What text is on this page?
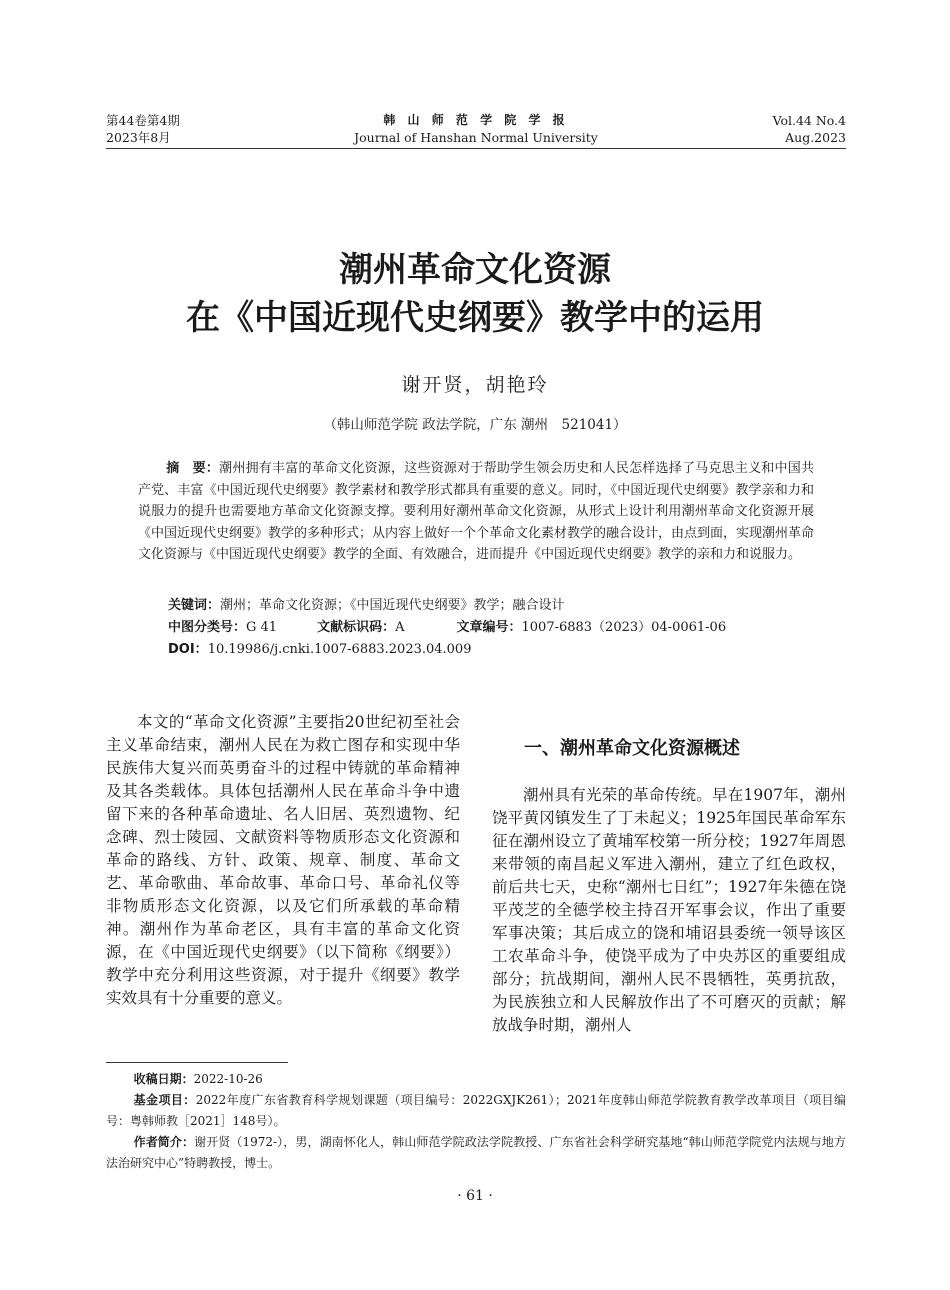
第44卷第4期
2023年8月
韩 山 师 范 学 院 学 报
Journal of Hanshan Normal University
Vol.44 No.4
Aug.2023
潮州革命文化资源
在《中国近现代史纲要》教学中的运用
谢开贤，胡艳玲
（韩山师范学院 政法学院，广东 潮州　521041）
摘　要：潮州拥有丰富的革命文化资源，这些资源对于帮助学生领会历史和人民怎样选择了马克思主义和中国共产党、丰富《中国近现代史纲要》教学素材和教学形式都具有重要的意义。同时，《中国近现代史纲要》教学亲和力和说服力的提升也需要地方革命文化资源支撑。要利用好潮州革命文化资源，从形式上设计利用潮州革命文化资源开展《中国近现代史纲要》教学的多种形式；从内容上做好一个个革命文化素材教学的融合设计，由点到面，实现潮州革命文化资源与《中国近现代史纲要》教学的全面、有效融合，进而提升《中国近现代史纲要》教学的亲和力和说服力。
关键词：潮州；革命文化资源；《中国近现代史纲要》教学；融合设计
中图分类号：G 41	文献标识码：A	文章编号：1007-6883（2023）04-0061-06
DOI：10.19986/j.cnki.1007-6883.2023.04.009

本文的“革命文化资源”主要指20世纪初至社会主义革命结束，潮州人民在为救亡图存和实现中华民族伟大复兴而英勇奋斗的过程中铸就的革命精神及其各类载体。具体包括潮州人民在革命斗争中遗留下来的各种革命遗址、名人旧居、英烈遗物、纪念碑、烈士陵园、文献资料等物质形态文化资源和革命的路线、方针、政策、规章、制度、革命文艺、革命歌曲、革命故事、革命口号、革命礼仪等非物质形态文化资源，以及它们所承载的革命精神。潮州作为革命老区，具有丰富的革命文化资源，在《中国近现代史纲要》（以下简称《纲要》）教学中充分利用这些资源，对于提升《纲要》教学实效具有十分重要的意义。

一、潮州革命文化资源概述

潮州具有光荣的革命传统。早在1907年，潮州饶平黄冈镇发生了丁未起义；1925年国民革命军东征在潮州设立了黄埔军校第一所分校；1927年周恩来带领的南昌起义军进入潮州，建立了红色政权，前后共七天，史称“潮州七日红”；1927年朱德在饶平茂芝的全德学校主持召开军事会议，作出了重要军事决策；其后成立的饶和埔诏县委统一领导该区工农革命斗争，使饶平成为了中央苏区的重要组成部分；抗战期间，潮州人民不畏牺牲，英勇抗敌，为民族独立和人民解放作出了不可磨灭的贡献；解放战争时期，潮州人

收稿日期：2022-10-26

基金项目：2022年度广东省教育科学规划课题（项目编号：2022GXJK261）；2021年度韩山师范学院教育教学改革项目（项目编号：粤韩师教［2021］148号）。

作者简介：谢开贤（1972-），男，湖南怀化人，韩山师范学院政法学院教授、广东省社会科学研究基地“韩山师范学院党内法规与地方法治研究中心”特聘教授，博士。

· 61 ·
